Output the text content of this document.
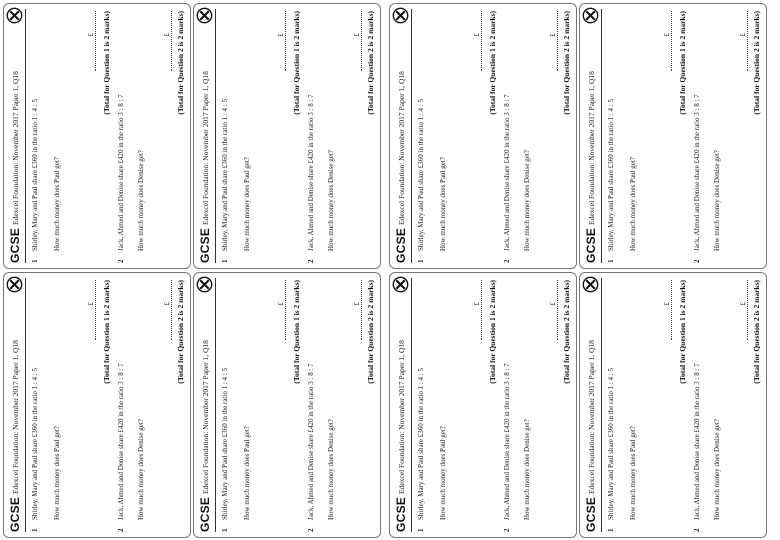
GCSE
Edexcel Foundation: November 2017 Paper 1, Q18
1
Shirley, Mary and Paul share £360 in the ratio 1 : 4 : 5 How much money does Paul get?
£ (Total for Question 1 is 2 marks)
2
Jack, Ahmed and Denise share £420 in the ratio 3 : 8 : 7 How much money does Denise get?
£ (Total for Question 2 is 2 marks)
GCSE
Edexcel Foundation: November 2017 Paper 1, Q18
1
Shirley, Mary and Paul share £360 in the ratio 1 : 4 : 5 How much money does Paul get?
£ (Total for Question 1 is 2 marks)
2
Jack, Ahmed and Denise share £420 in the ratio 3 : 8 : 7 How much money does Denise get?
£ (Total for Question 2 is 2 marks)
GCSE
Edexcel Foundation: November 2017 Paper 1, Q18
1
Shirley, Mary and Paul share £360 in the ratio 1 : 4 : 5 How much money does Paul get?
£ (Total for Question 1 is 2 marks)
2
Jack, Ahmed and Denise share £420 in the ratio 3 : 8 : 7 How much money does Denise get?
£ (Total for Question 2 is 2 marks)
GCSE
Edexcel Foundation: November 2017 Paper 1, Q18
1
Shirley, Mary and Paul share £360 in the ratio 1 : 4 : 5 How much money does Paul get?
£ (Total for Question 1 is 2 marks)
2
Jack, Ahmed and Denise share £420 in the ratio 3 : 8 : 7 How much money does Denise get?
£ (Total for Question 2 is 2 marks)
GCSE
Edexcel Foundation: November 2017 Paper 1, Q18
1
Shirley, Mary and Paul share £360 in the ratio 1 : 4 : 5 How much money does Paul get?
£ (Total for Question 1 is 2 marks)
2
Jack, Ahmed and Denise share £420 in the ratio 3 : 8 : 7 How much money does Denise get?
£ (Total for Question 2 is 2 marks)
GCSE
Edexcel Foundation: November 2017 Paper 1, Q18
1
Shirley, Mary and Paul share £360 in the ratio 1 : 4 : 5 How much money does Paul get?
£ (Total for Question 1 is 2 marks)
2
Jack, Ahmed and Denise share £420 in the ratio 3 : 8 : 7 How much money does Denise get?
£ (Total for Question 2 is 2 marks)
GCSE
Edexcel Foundation: November 2017 Paper 1, Q18
1
Shirley, Mary and Paul share £360 in the ratio 1 : 4 : 5 How much money does Paul get?
£ (Total for Question 1 is 2 marks)
2
Jack, Ahmed and Denise share £420 in the ratio 3 : 8 : 7 How much money does Denise get?
£ (Total for Question 2 is 2 marks)
GCSE
Edexcel Foundation: November 2017 Paper 1, Q18
1
Shirley, Mary and Paul share £360 in the ratio 1 : 4 : 5 How much money does Paul get?
£ (Total for Question 1 is 2 marks)
2
Jack, Ahmed and Denise share £420 in the ratio 3 : 8 : 7 How much money does Denise get?
£ (Total for Question 2 is 2 marks)
